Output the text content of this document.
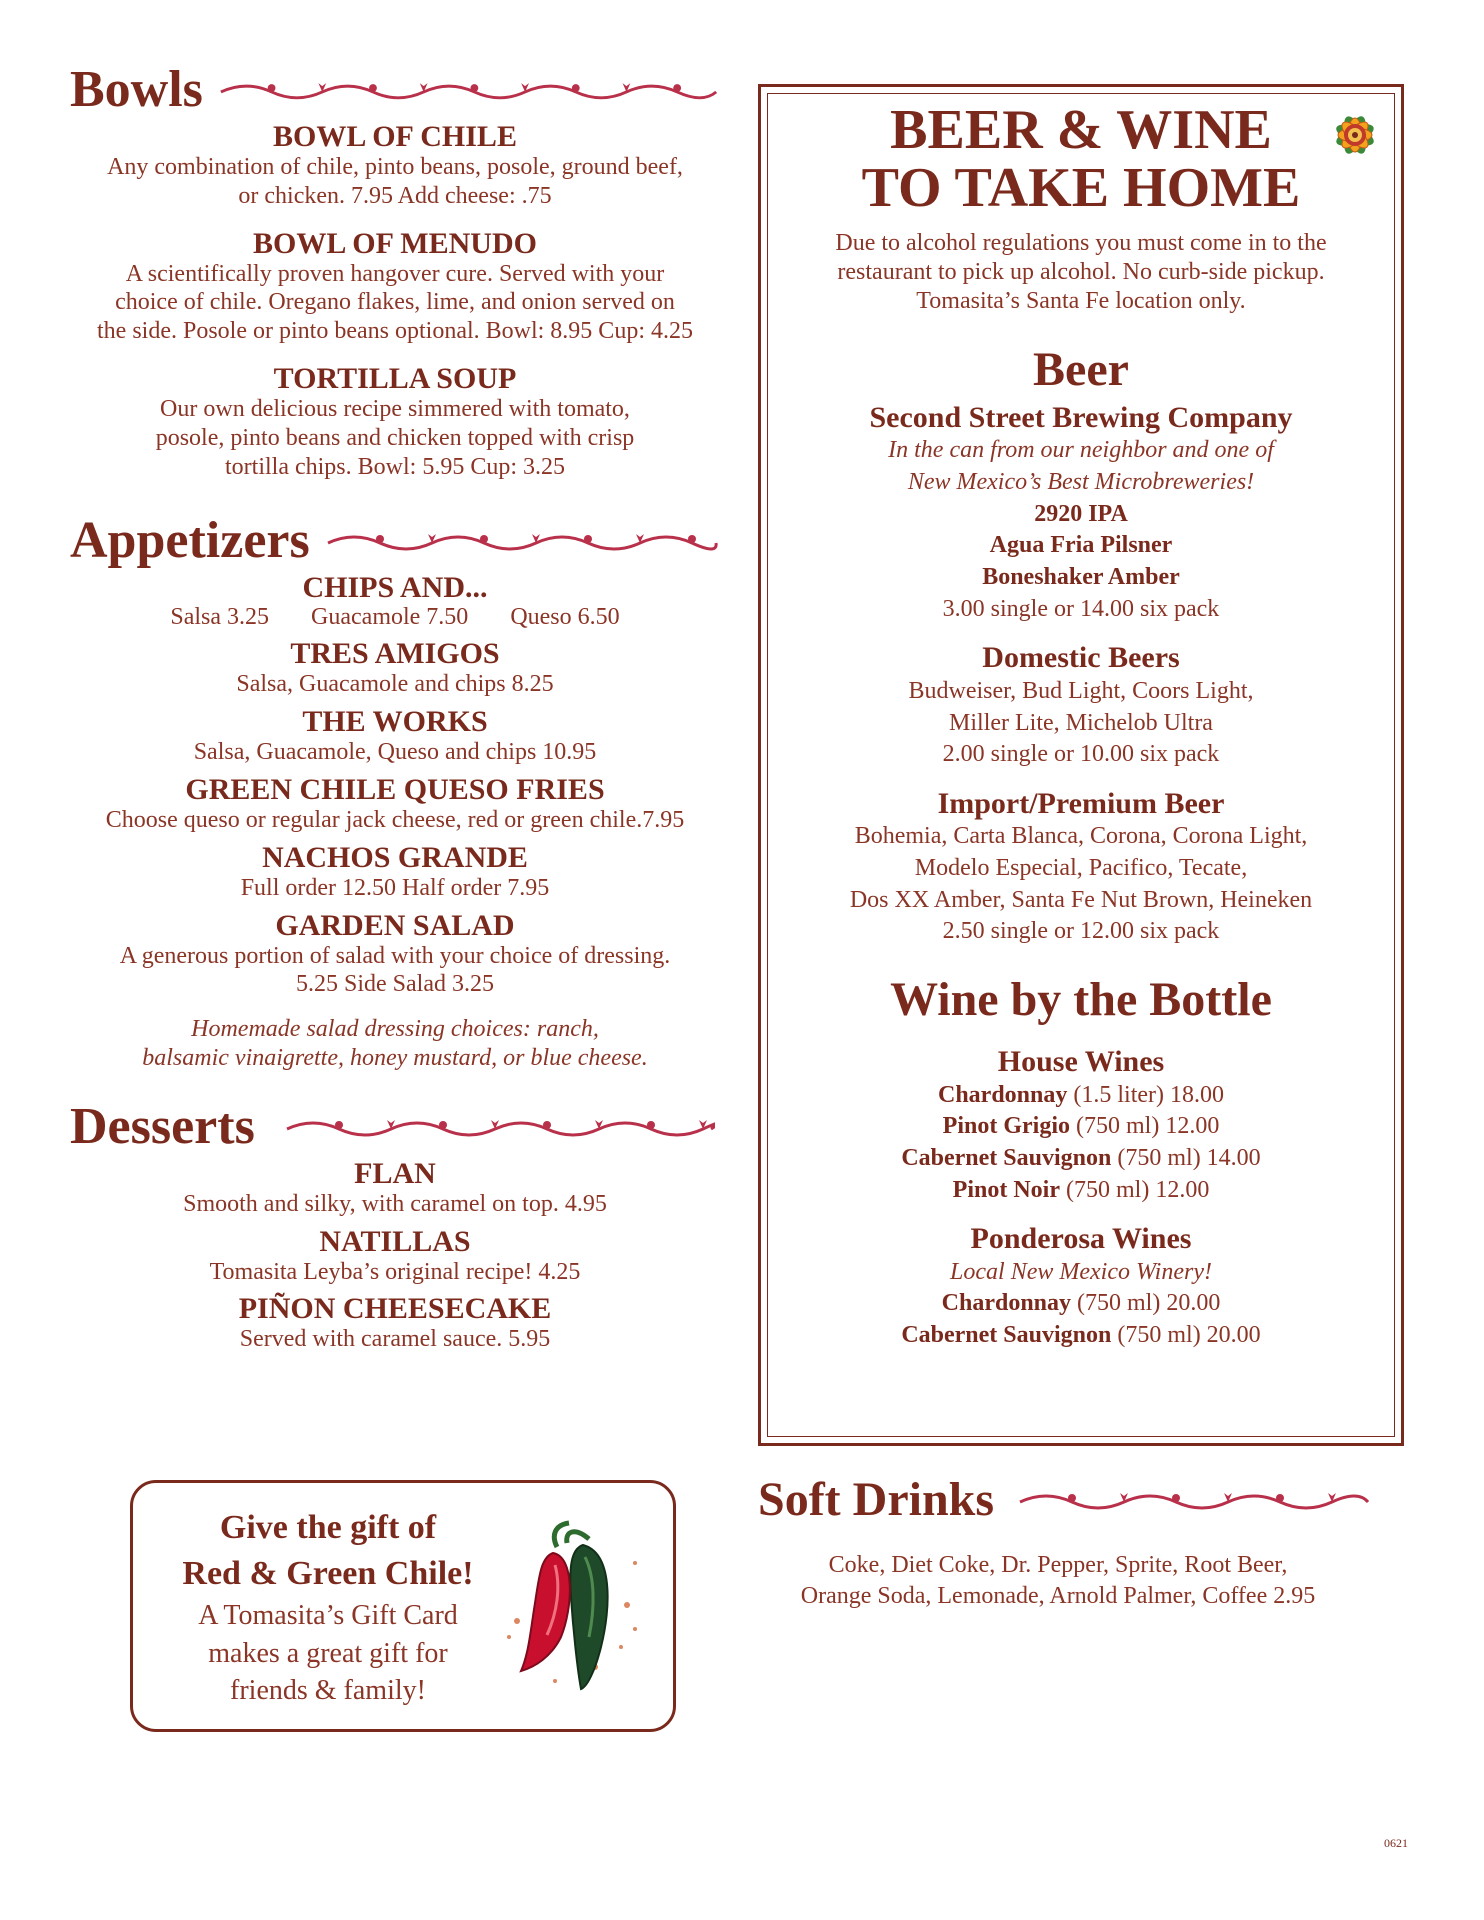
Bowls
BOWL OF CHILE
Any combination of chile, pinto beans, posole, ground beef,
or chicken. 7.95 Add cheese: .75
BOWL OF MENUDO
A scientifically proven hangover cure. Served with your
choice of chile. Oregano flakes, lime, and onion served on
the side. Posole or pinto beans optional. Bowl: 8.95 Cup: 4.25
TORTILLA SOUP
Our own delicious recipe simmered with tomato,
posole, pinto beans and chicken topped with crisp
tortilla chips. Bowl: 5.95 Cup: 3.25
Appetizers
CHIPS AND...
Salsa 3.25 Guacamole 7.50 Queso 6.50
TRES AMIGOS
Salsa, Guacamole and chips 8.25
THE WORKS
Salsa, Guacamole, Queso and chips 10.95
GREEN CHILE QUESO FRIES
Choose queso or regular jack cheese, red or green chile.7.95
NACHOS GRANDE
Full order 12.50 Half order 7.95
GARDEN SALAD
A generous portion of salad with your choice of dressing.
5.25 Side Salad 3.25
Homemade salad dressing choices: ranch,
balsamic vinaigrette, honey mustard, or blue cheese.
Desserts
FLAN
Smooth and silky, with caramel on top. 4.95
NATILLAS
Tomasita Leyba’s original recipe! 4.25
PIÑON CHEESECAKE
Served with caramel sauce. 5.95
BEER & WINE
TO TAKE HOME
Due to alcohol regulations you must come in to the
restaurant to pick up alcohol. No curb-side pickup.
Tomasita’s Santa Fe location only.
Beer
Second Street Brewing Company
In the can from our neighbor and one of
New Mexico’s Best Microbreweries!
2920 IPA
Agua Fria Pilsner
Boneshaker Amber
3.00 single or 14.00 six pack
Domestic Beers
Budweiser, Bud Light, Coors Light,
Miller Lite, Michelob Ultra
2.00 single or 10.00 six pack
Import/Premium Beer
Bohemia, Carta Blanca, Corona, Corona Light,
Modelo Especial, Pacifico, Tecate,
Dos XX Amber, Santa Fe Nut Brown, Heineken
2.50 single or 12.00 six pack
Wine by the Bottle
House Wines
Chardonnay (1.5 liter) 18.00
Pinot Grigio (750 ml) 12.00
Cabernet Sauvignon (750 ml) 14.00
Pinot Noir (750 ml) 12.00
Ponderosa Wines
Local New Mexico Winery!
Chardonnay (750 ml) 20.00
Cabernet Sauvignon (750 ml) 20.00
Give the gift of
Red & Green Chile!
A Tomasita’s Gift Card
makes a great gift for
friends & family!
Soft Drinks
Coke, Diet Coke, Dr. Pepper, Sprite, Root Beer,
Orange Soda, Lemonade, Arnold Palmer, Coffee 2.95
0621
